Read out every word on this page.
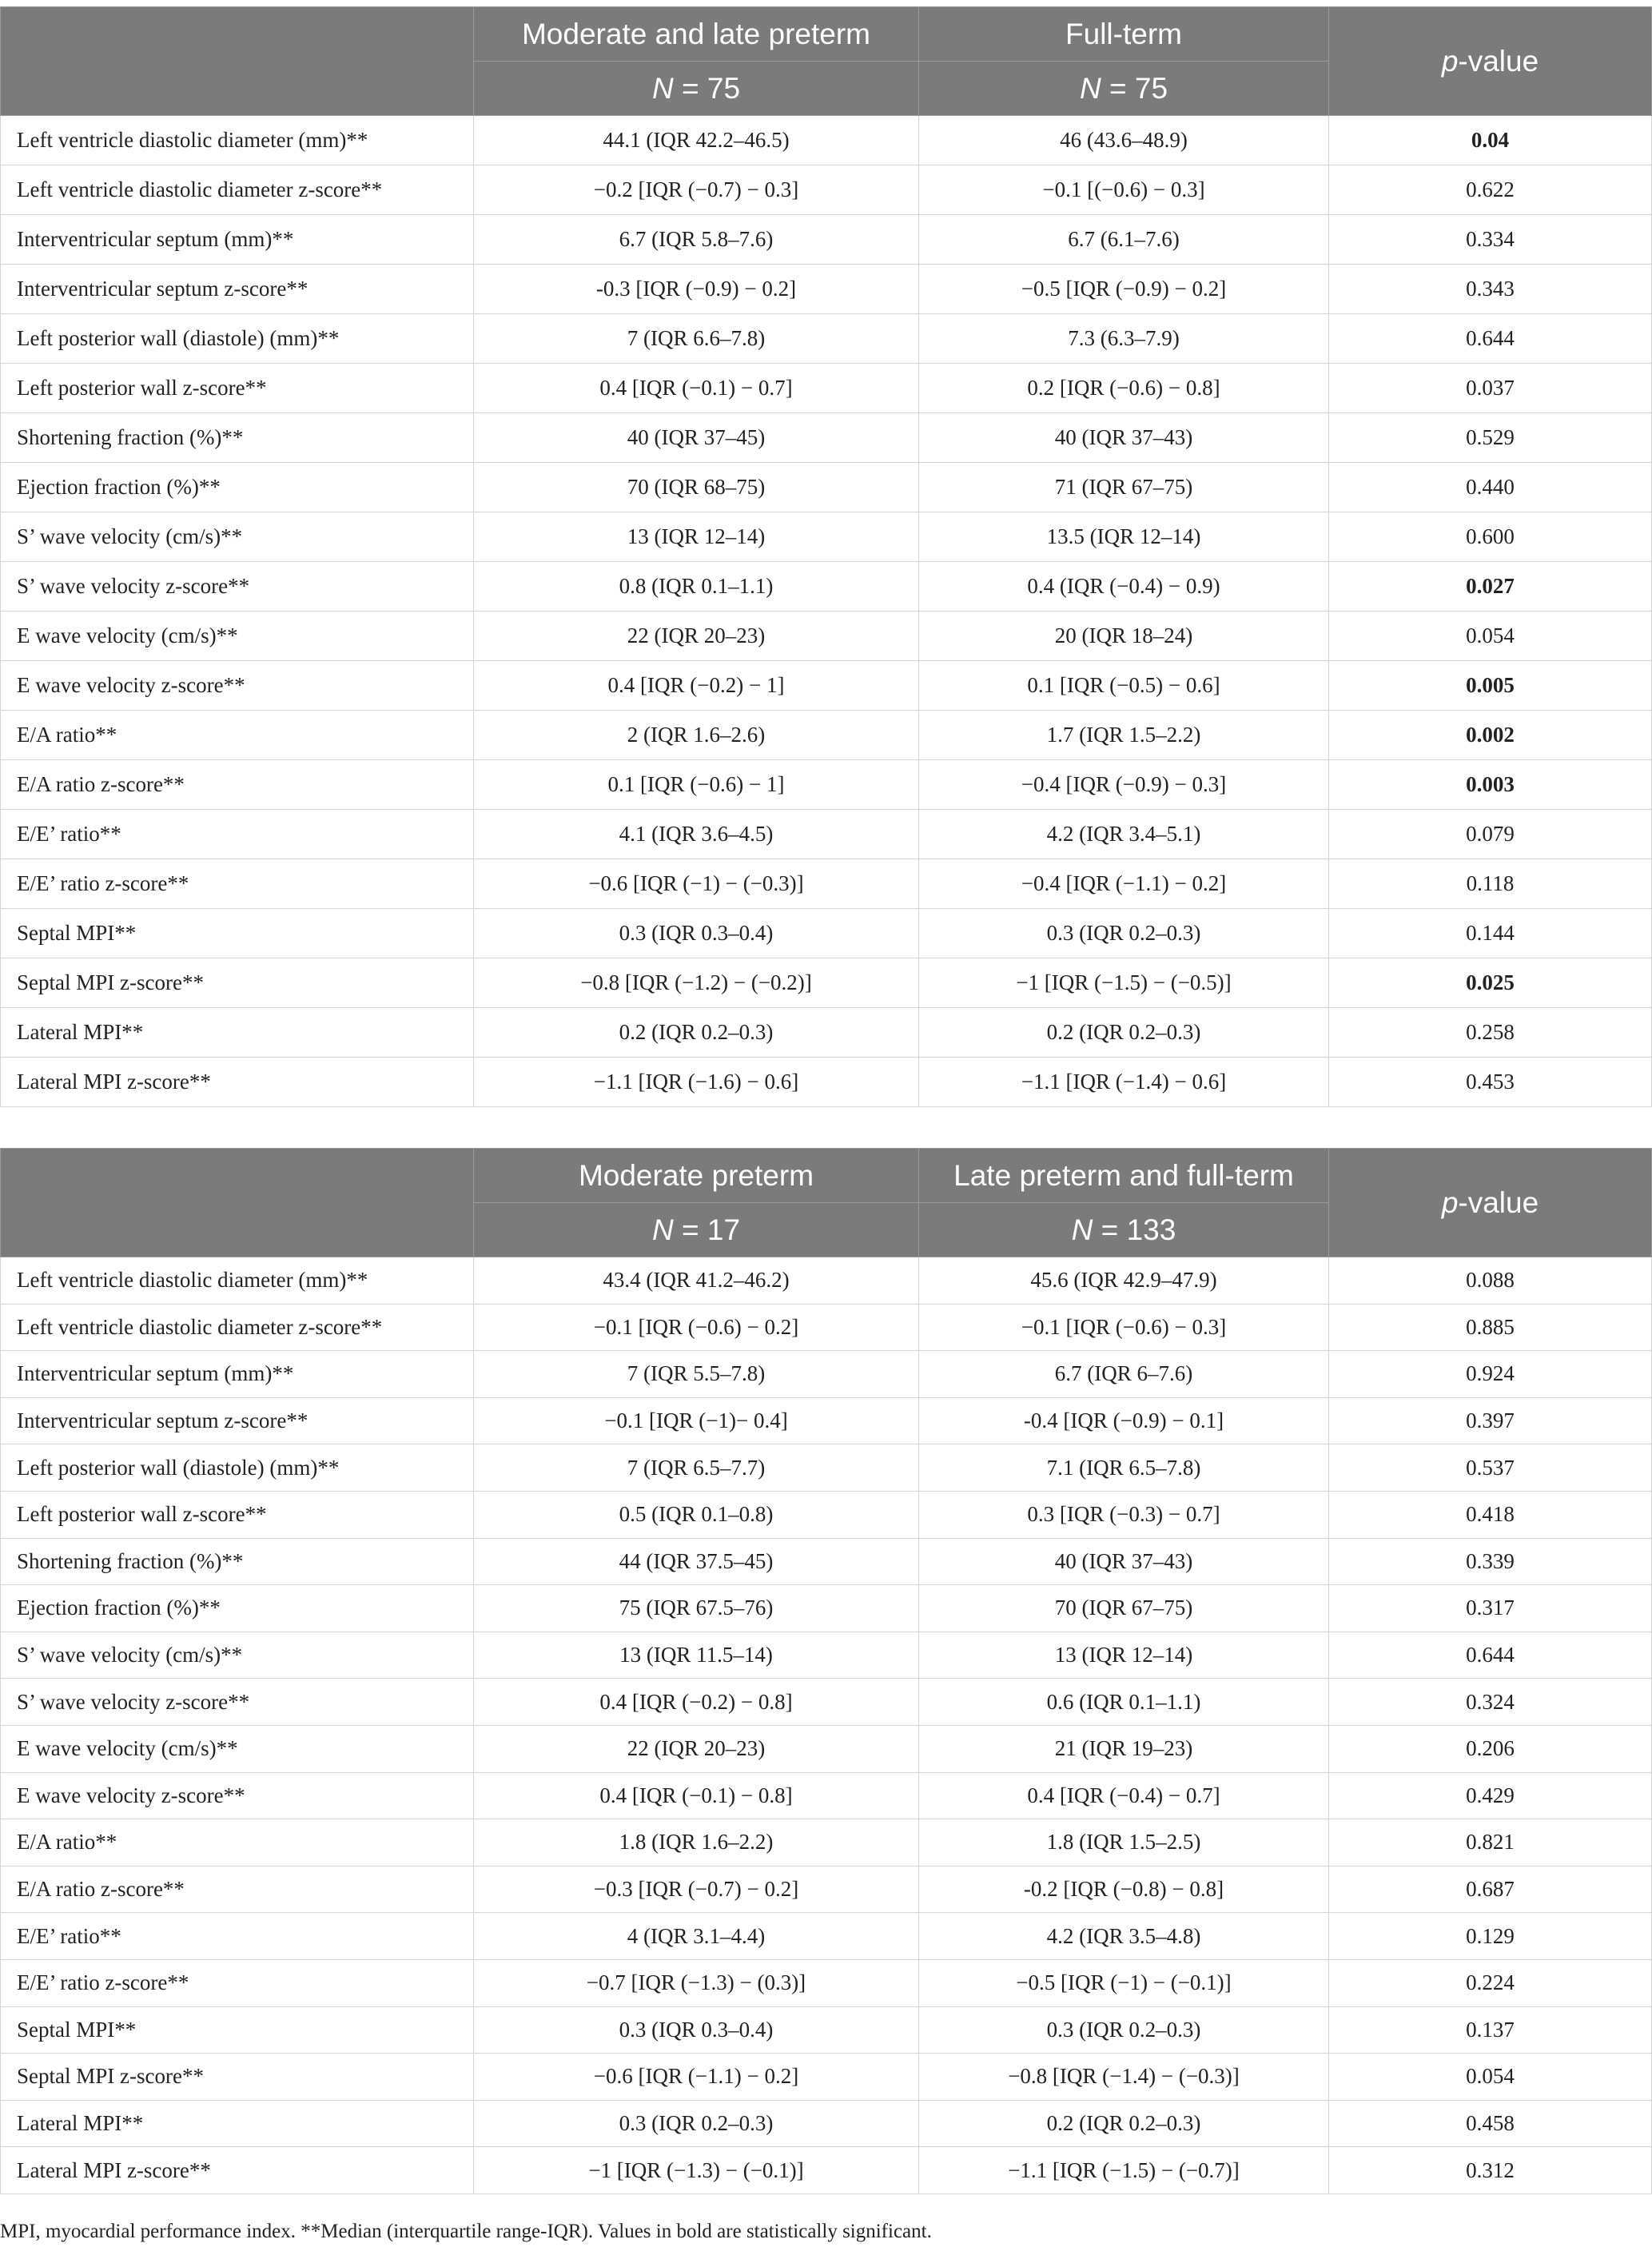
	Moderate and late preterm	Full-term	p-value
	N = 75	N = 75	
Left ventricle diastolic diameter (mm)**	44.1 (IQR 42.2–46.5)	46 (43.6–48.9)	0.04
Left ventricle diastolic diameter z-score**	−0.2 [IQR (−0.7) − 0.3]	−0.1 [(−0.6) − 0.3]	0.622
Interventricular septum (mm)**	6.7 (IQR 5.8–7.6)	6.7 (6.1–7.6)	0.334
Interventricular septum z-score**	-0.3 [IQR (−0.9) − 0.2]	−0.5 [IQR (−0.9) − 0.2]	0.343
Left posterior wall (diastole) (mm)**	7 (IQR 6.6–7.8)	7.3 (6.3–7.9)	0.644
Left posterior wall z-score**	0.4 [IQR (−0.1) − 0.7]	0.2 [IQR (−0.6) − 0.8]	0.037
Shortening fraction (%)**	40 (IQR 37–45)	40 (IQR 37–43)	0.529
Ejection fraction (%)**	70 (IQR 68–75)	71 (IQR 67–75)	0.440
S’ wave velocity (cm/s)**	13 (IQR 12–14)	13.5 (IQR 12–14)	0.600
S’ wave velocity z-score**	0.8 (IQR 0.1–1.1)	0.4 (IQR (−0.4) − 0.9)	0.027
E wave velocity (cm/s)**	22 (IQR 20–23)	20 (IQR 18–24)	0.054
E wave velocity z-score**	0.4 [IQR (−0.2) − 1]	0.1 [IQR (−0.5) − 0.6]	0.005
E/A ratio**	2 (IQR 1.6–2.6)	1.7 (IQR 1.5–2.2)	0.002
E/A ratio z-score**	0.1 [IQR (−0.6) − 1]	−0.4 [IQR (−0.9) − 0.3]	0.003
E/E’ ratio**	4.1 (IQR 3.6–4.5)	4.2 (IQR 3.4–5.1)	0.079
E/E’ ratio z-score**	−0.6 [IQR (−1) − (−0.3)]	−0.4 [IQR (−1.1) − 0.2]	0.118
Septal MPI**	0.3 (IQR 0.3–0.4)	0.3 (IQR 0.2–0.3)	0.144
Septal MPI z-score**	−0.8 [IQR (−1.2) − (−0.2)]	−1 [IQR (−1.5) − (−0.5)]	0.025
Lateral MPI**	0.2 (IQR 0.2–0.3)	0.2 (IQR 0.2–0.3)	0.258
Lateral MPI z-score**	−1.1 [IQR (−1.6) − 0.6]	−1.1 [IQR (−1.4) − 0.6]	0.453
	Moderate preterm	Late preterm and full-term	p-value
	N = 17	N = 133	
Left ventricle diastolic diameter (mm)**	43.4 (IQR 41.2–46.2)	45.6 (IQR 42.9–47.9)	0.088
Left ventricle diastolic diameter z-score**	−0.1 [IQR (−0.6) − 0.2]	−0.1 [IQR (−0.6) − 0.3]	0.885
Interventricular septum (mm)**	7 (IQR 5.5–7.8)	6.7 (IQR 6–7.6)	0.924
Interventricular septum z-score**	−0.1 [IQR (−1)− 0.4]	-0.4 [IQR (−0.9) − 0.1]	0.397
Left posterior wall (diastole) (mm)**	7 (IQR 6.5–7.7)	7.1 (IQR 6.5–7.8)	0.537
Left posterior wall z-score**	0.5 (IQR 0.1–0.8)	0.3 [IQR (−0.3) − 0.7]	0.418
Shortening fraction (%)**	44 (IQR 37.5–45)	40 (IQR 37–43)	0.339
Ejection fraction (%)**	75 (IQR 67.5–76)	70 (IQR 67–75)	0.317
S’ wave velocity (cm/s)**	13 (IQR 11.5–14)	13 (IQR 12–14)	0.644
S’ wave velocity z-score**	0.4 [IQR (−0.2) − 0.8]	0.6 (IQR 0.1–1.1)	0.324
E wave velocity (cm/s)**	22 (IQR 20–23)	21 (IQR 19–23)	0.206
E wave velocity z-score**	0.4 [IQR (−0.1) − 0.8]	0.4 [IQR (−0.4) − 0.7]	0.429
E/A ratio**	1.8 (IQR 1.6–2.2)	1.8 (IQR 1.5–2.5)	0.821
E/A ratio z-score**	−0.3 [IQR (−0.7) − 0.2]	-0.2 [IQR (−0.8) − 0.8]	0.687
E/E’ ratio**	4 (IQR 3.1–4.4)	4.2 (IQR 3.5–4.8)	0.129
E/E’ ratio z-score**	−0.7 [IQR (−1.3) − (0.3)]	−0.5 [IQR (−1) − (−0.1)]	0.224
Septal MPI**	0.3 (IQR 0.3–0.4)	0.3 (IQR 0.2–0.3)	0.137
Septal MPI z-score**	−0.6 [IQR (−1.1) − 0.2]	−0.8 [IQR (−1.4) − (−0.3)]	0.054
Lateral MPI**	0.3 (IQR 0.2–0.3)	0.2 (IQR 0.2–0.3)	0.458
Lateral MPI z-score**	−1 [IQR (−1.3) − (−0.1)]	−1.1 [IQR (−1.5) − (−0.7)]	0.312
MPI, myocardial performance index. **Median (interquartile range-IQR). Values in bold are statistically significant.
